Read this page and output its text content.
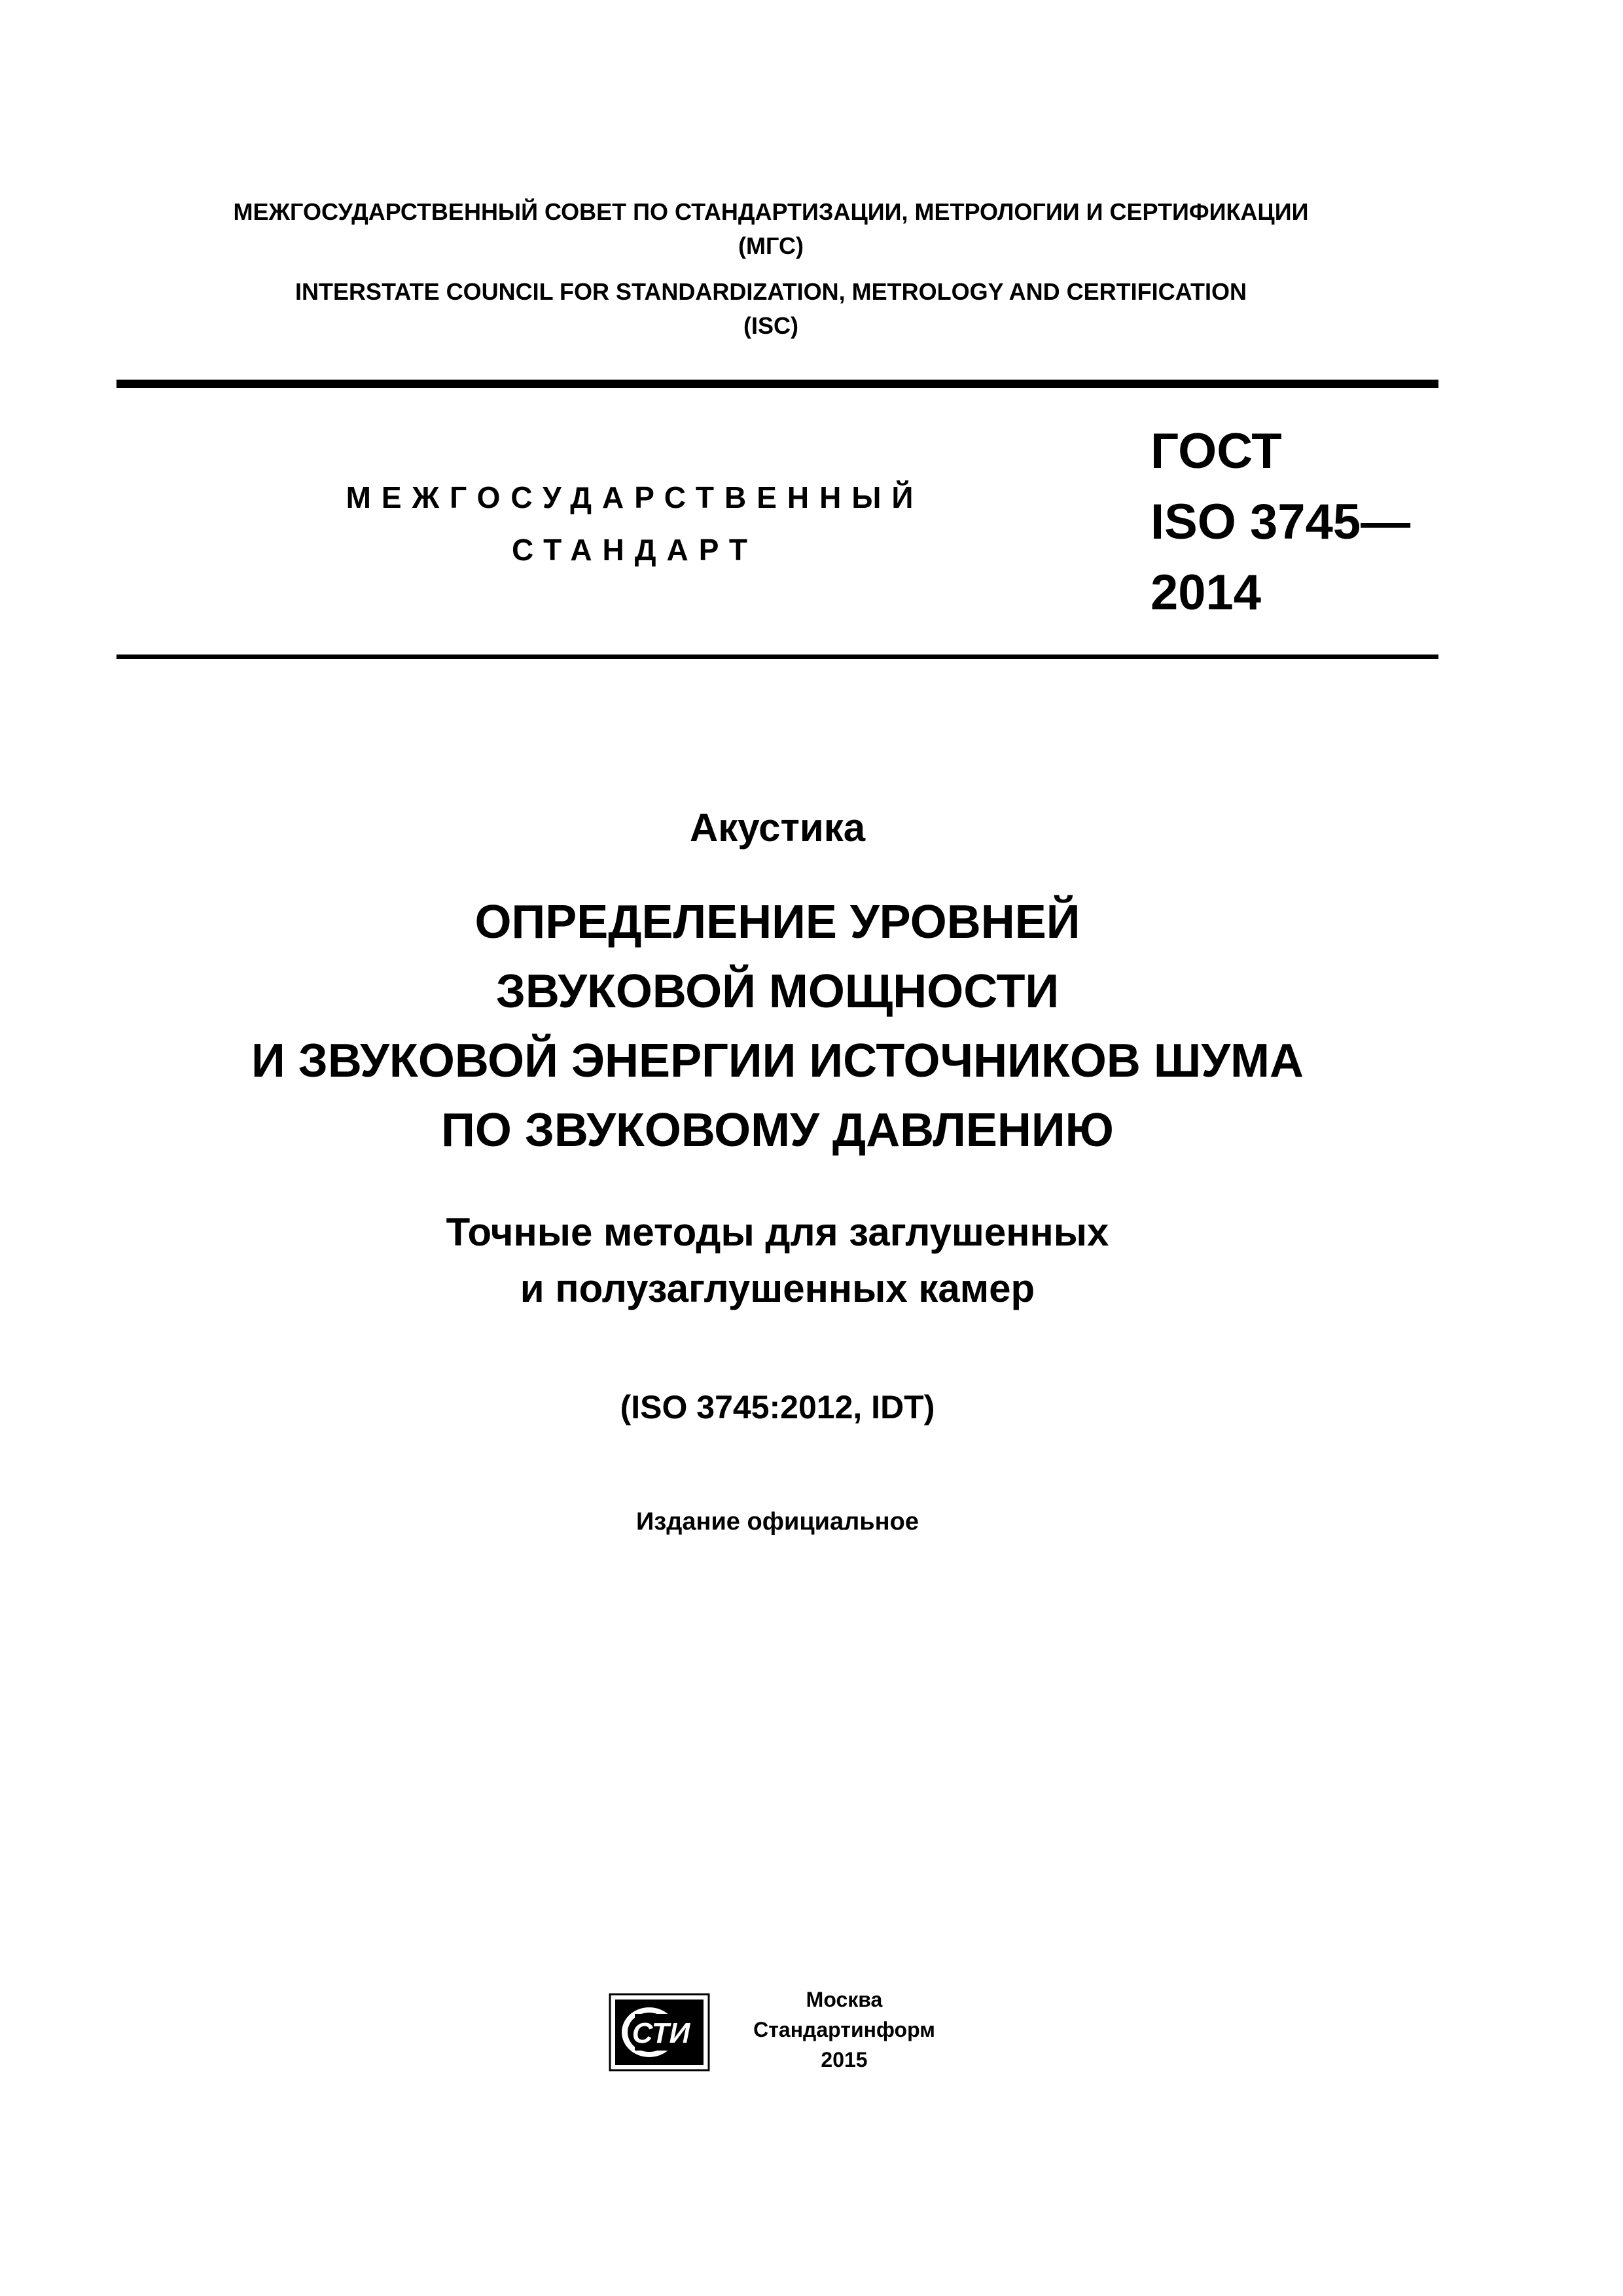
МЕЖГОСУДАРСТВЕННЫЙ СОВЕТ ПО СТАНДАРТИЗАЦИИ, МЕТРОЛОГИИ И СЕРТИФИКАЦИИ
(МГС)
INTERSTATE COUNCIL FOR STANDARDIZATION, METROLOGY AND CERTIFICATION
(ISC)
МЕЖГОСУДАРСТВЕННЫЙ
СТАНДАРТ
ГОСТ
ISO 3745—
2014
Акустика
ОПРЕДЕЛЕНИЕ УРОВНЕЙ
ЗВУКОВОЙ МОЩНОСТИ
И ЗВУКОВОЙ ЭНЕРГИИ ИСТОЧНИКОВ ШУМА
ПО ЗВУКОВОМУ ДАВЛЕНИЮ
Точные методы для заглушенных
и полузаглушенных камер
(ISO 3745:2012, IDT)
Издание официальное
СТИ
Москва
Стандартинформ
2015
